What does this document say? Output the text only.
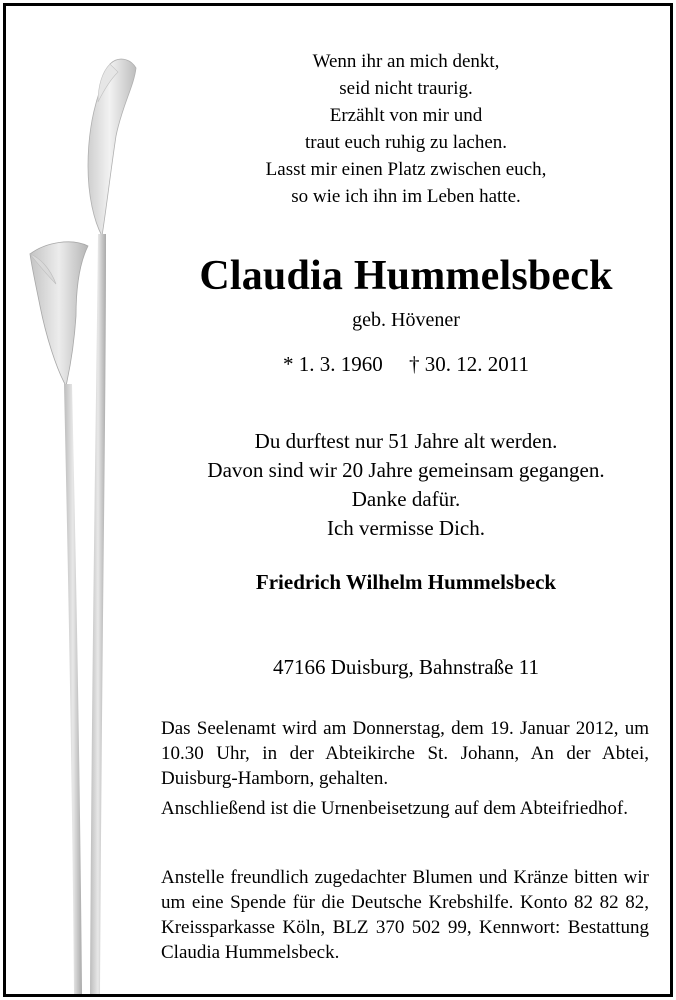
Wenn ihr an mich denkt,
seid nicht traurig.
Erzählt von mir und
traut euch ruhig zu lachen.
Lasst mir einen Platz zwischen euch,
so wie ich ihn im Leben hatte.
Claudia Hummelsbeck
geb. Hövener
* 1. 3. 1960     † 30. 12. 2011
Du durftest nur 51 Jahre alt werden.
Davon sind wir 20 Jahre gemeinsam gegangen.
Danke dafür.
Ich vermisse Dich.
Friedrich Wilhelm Hummelsbeck
47166 Duisburg, Bahnstraße 11
Das Seelenamt wird am Donnerstag, dem 19. Januar 2012, um 10.30 Uhr, in der Abteikirche St. Johann, An der Abtei, Duisburg-Hamborn, gehalten.
Anschließend ist die Urnenbeisetzung auf dem Abteifriedhof.
Anstelle freundlich zugedachter Blumen und Kränze bitten wir um eine Spende für die Deutsche Krebshilfe. Konto 82 82 82, Kreissparkasse Köln, BLZ 370 502 99, Kennwort: Bestattung Claudia Hummelsbeck.
